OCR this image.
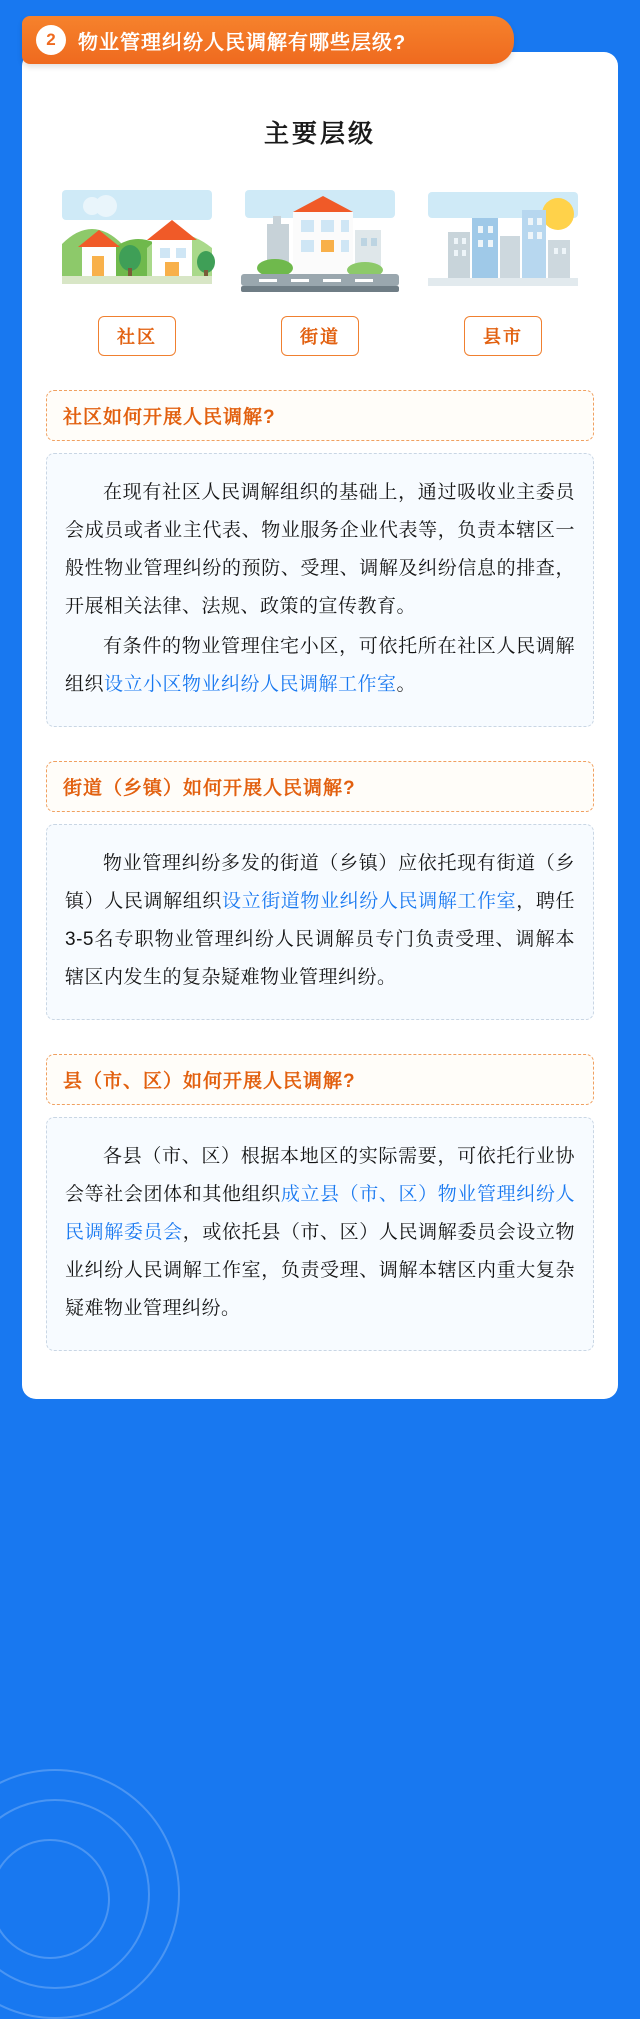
主要层级
社区	街道	县市
社区如何开展人民调解?

在现有社区人民调解组织的基础上，通过吸收业主委员会成员或者业主代表、物业服务企业代表等，负责本辖区一般性物业管理纠纷的预防、受理、调解及纠纷信息的排查，开展相关法律、法规、政策的宣传教育。

有条件的物业管理住宅小区，可依托所在社区人民调解组织设立小区物业纠纷人民调解工作室。

街道（乡镇）如何开展人民调解?

物业管理纠纷多发的街道（乡镇）应依托现有街道（乡镇）人民调解组织设立街道物业纠纷人民调解工作室，聘任3-5名专职物业管理纠纷人民调解员专门负责受理、调解本辖区内发生的复杂疑难物业管理纠纷。

县（市、区）如何开展人民调解?

各县（市、区）根据本地区的实际需要，可依托行业协会等社会团体和其他组织成立县（市、区）物业管理纠纷人民调解委员会，或依托县（市、区）人民调解委员会设立物业纠纷人民调解工作室，负责受理、调解本辖区内重大复杂疑难物业管理纠纷。

2	物业管理纠纷人民调解有哪些层级?
